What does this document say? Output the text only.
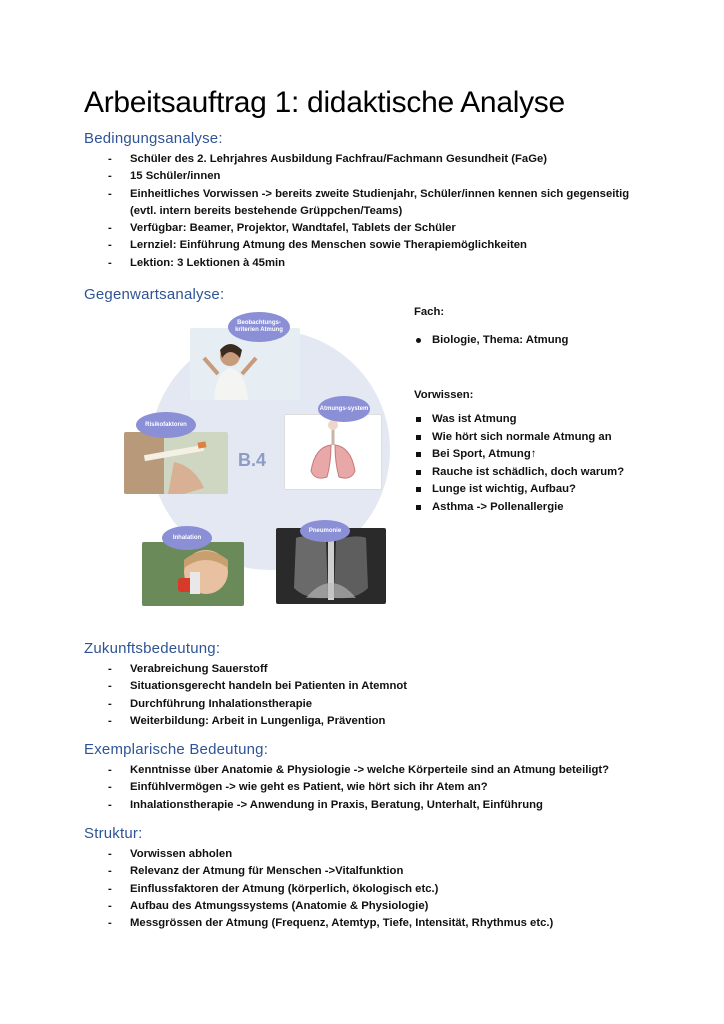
Arbeitsauftrag 1: didaktische Analyse
Bedingungsanalyse:
- Schüler des 2. Lehrjahres Ausbildung Fachfrau/Fachmann Gesundheit (FaGe)
- 15 Schüler/innen
- Einheitliches Vorwissen -> bereits zweite Studienjahr, Schüler/innen kennen sich gegenseitig
(evtl. intern bereits bestehende Grüppchen/Teams)
- Verfügbar: Beamer, Projektor, Wandtafel, Tablets der Schüler
- Lernziel: Einführung Atmung des Menschen sowie Therapiemöglichkeiten
- Lektion: 3 Lektionen à 45min
Gegenwartsanalyse:
B.4
Beobachtungs-kriterien Atmung
Atmungs-system
Risikofaktoren
Pneumonie
Inhalation
Fach:
Biologie, Thema: Atmung
Vorwissen:
Was ist Atmung
Wie hört sich normale Atmung an
Bei Sport, Atmung↑
Rauche ist schädlich, doch warum?
Lunge ist wichtig, Aufbau?
Asthma -> Pollenallergie
Zukunftsbedeutung:
- Verabreichung Sauerstoff
- Situationsgerecht handeln bei Patienten in Atemnot
- Durchführung Inhalationstherapie
- Weiterbildung: Arbeit in Lungenliga, Prävention
Exemplarische Bedeutung:
- Kenntnisse über Anatomie & Physiologie -> welche Körperteile sind an Atmung beteiligt?
- Einfühlvermögen -> wie geht es Patient, wie hört sich ihr Atem an?
- Inhalationstherapie -> Anwendung in Praxis, Beratung, Unterhalt, Einführung
Struktur:
- Vorwissen abholen
- Relevanz der Atmung für Menschen ->Vitalfunktion
- Einflussfaktoren der Atmung (körperlich, ökologisch etc.)
- Aufbau des Atmungssystems (Anatomie & Physiologie)
- Messgrössen der Atmung (Frequenz, Atemtyp, Tiefe, Intensität, Rhythmus etc.)
